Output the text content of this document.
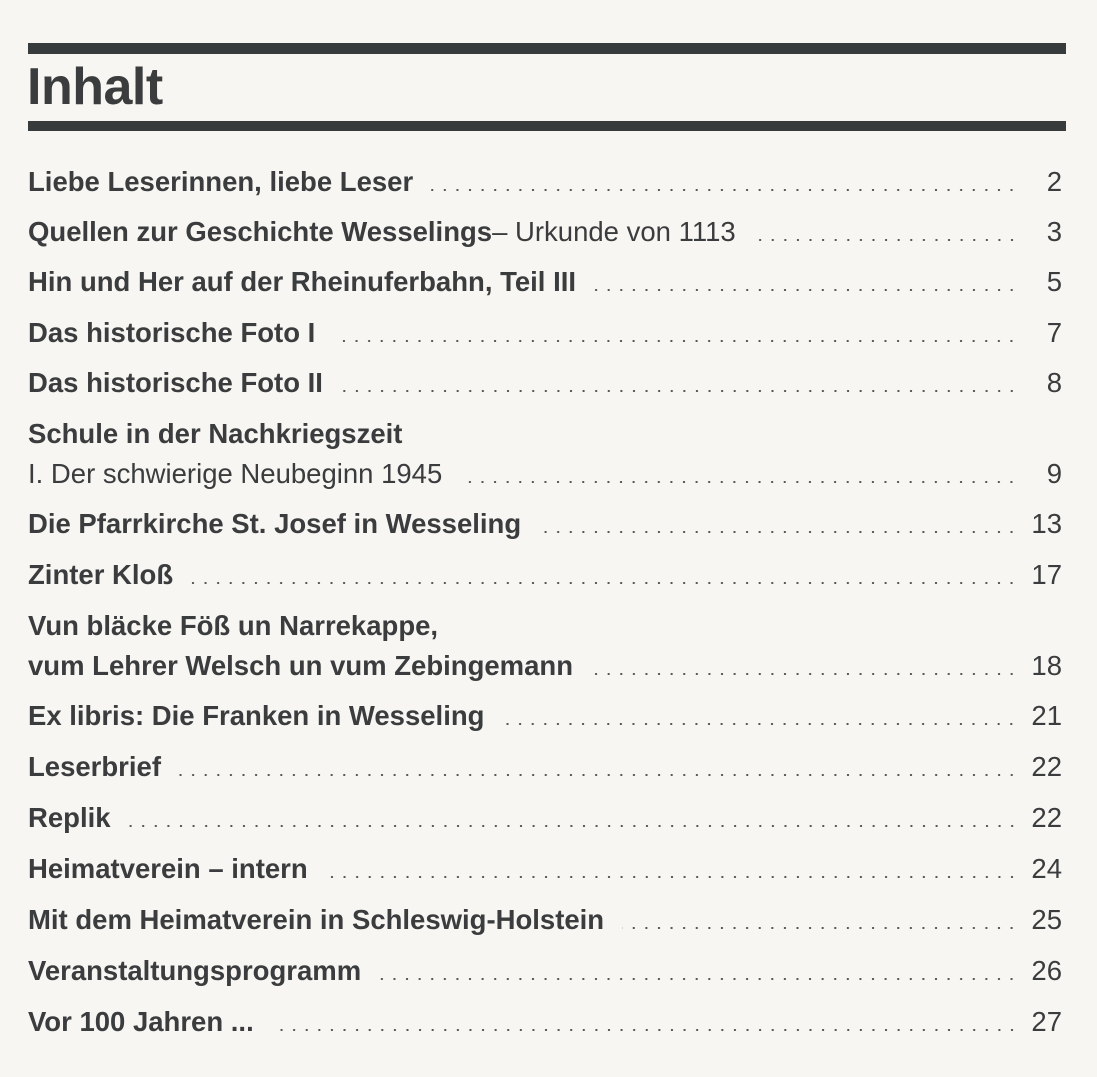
Inhalt
Liebe Leserinnen, liebe Leser	2
Quellen zur Geschichte Wesselings – Urkunde von 1113	3
Hin und Her auf der Rheinuferbahn, Teil III	5
Das historische Foto I	7
Das historische Foto II	8
Schule in der Nachkriegszeit
I. Der schwierige Neubeginn 1945	9
Die Pfarrkirche St. Josef in Wesseling	13
Zinter Kloß	17
Vun bläcke Föß un Narrekappe,
vum Lehrer Welsch un vum Zebingemann	18
Ex libris: Die Franken in Wesseling	21
Leserbrief	22
Replik	22
Heimatverein – intern	24
Mit dem Heimatverein in Schleswig-Holstein	25
Veranstaltungsprogramm	26
Vor 100 Jahren ...	27
